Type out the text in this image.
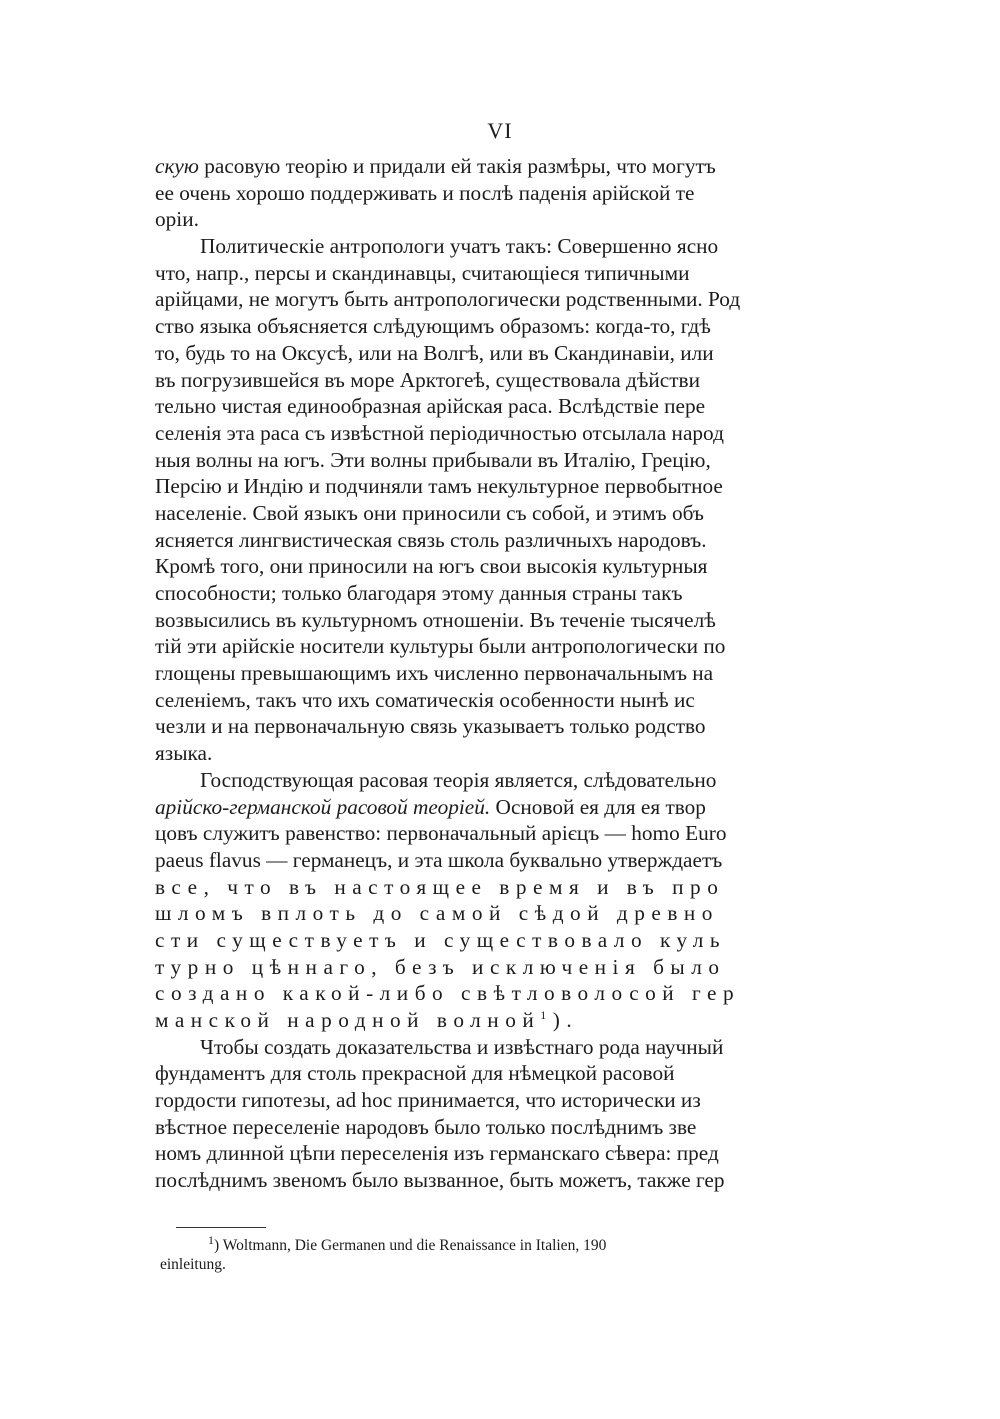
VI
скую расовую теорію и придали ей такія размѣры, что могутъ
ее очень хорошо поддерживать и послѣ паденія арійской те
оріи.
Политическіе антропологи учатъ такъ: Совершенно ясно
что, напр., персы и скандинавцы, считающіеся типичными
арійцами, не могутъ быть антропологически родственными. Род
ство языка объясняется слѣдующимъ образомъ: когда-то, гдѣ
то, будь то на Оксусѣ, или на Волгѣ, или въ Скандинавіи, или
въ погрузившейся въ море Арктогеѣ, существовала дѣйстви
тельно чистая единообразная арійская раса. Вслѣдствіе пере
селенія эта раса съ извѣстной періодичностью отсылала народ
ныя волны на югъ. Эти волны прибывали въ Италію, Грецію,
Персію и Индію и подчиняли тамъ некультурное первобытное
населеніе. Свой языкъ они приносили съ собой, и этимъ объ
ясняется лингвистическая связь столь различныхъ народовъ.
Кромѣ того, они приносили на югъ свои высокія культурныя
способности; только благодаря этому данныя страны такъ
возвысились въ культурномъ отношеніи. Въ теченіе тысячелѣ
тій эти арійскіе носители культуры были антропологически по
глощены превышающимъ ихъ численно первоначальнымъ на
селеніемъ, такъ что ихъ соматическія особенности нынѣ ис
чезли и на первоначальную связь указываетъ только родство
языка.
Господствующая расовая теорія является, слѣдовательно
арійско-германской расовой теоріей. Основой ея для ея твор
цовъ служитъ равенство: первоначальный арієцъ — homo Euro
paeus flavus — германецъ, и эта школа буквально утверждаетъ
все, что въ настоящее время и въ про
шломъ вплоть до самой сѣдой древно
сти существуетъ и существовало куль
турно цѣннаго, безъ исключенія было
создано какой-либо свѣтловолосой гер
манской народной волной$^1$).
Чтобы создать доказательства и извѣстнаго рода научный
фундаментъ для столь прекрасной для нѣмецкой расовой
гордости гипотезы, ad hoc принимается, что исторически из
вѣстное переселеніе народовъ было только послѣднимъ зве
номъ длинной цѣпи переселенія изъ германскаго сѣвера: пред
послѣднимъ звеномъ было вызванное, быть можетъ, также гер
$^1$) Woltmann, Die Germanen und die Renaissance in Italien, 190
einleitung.
